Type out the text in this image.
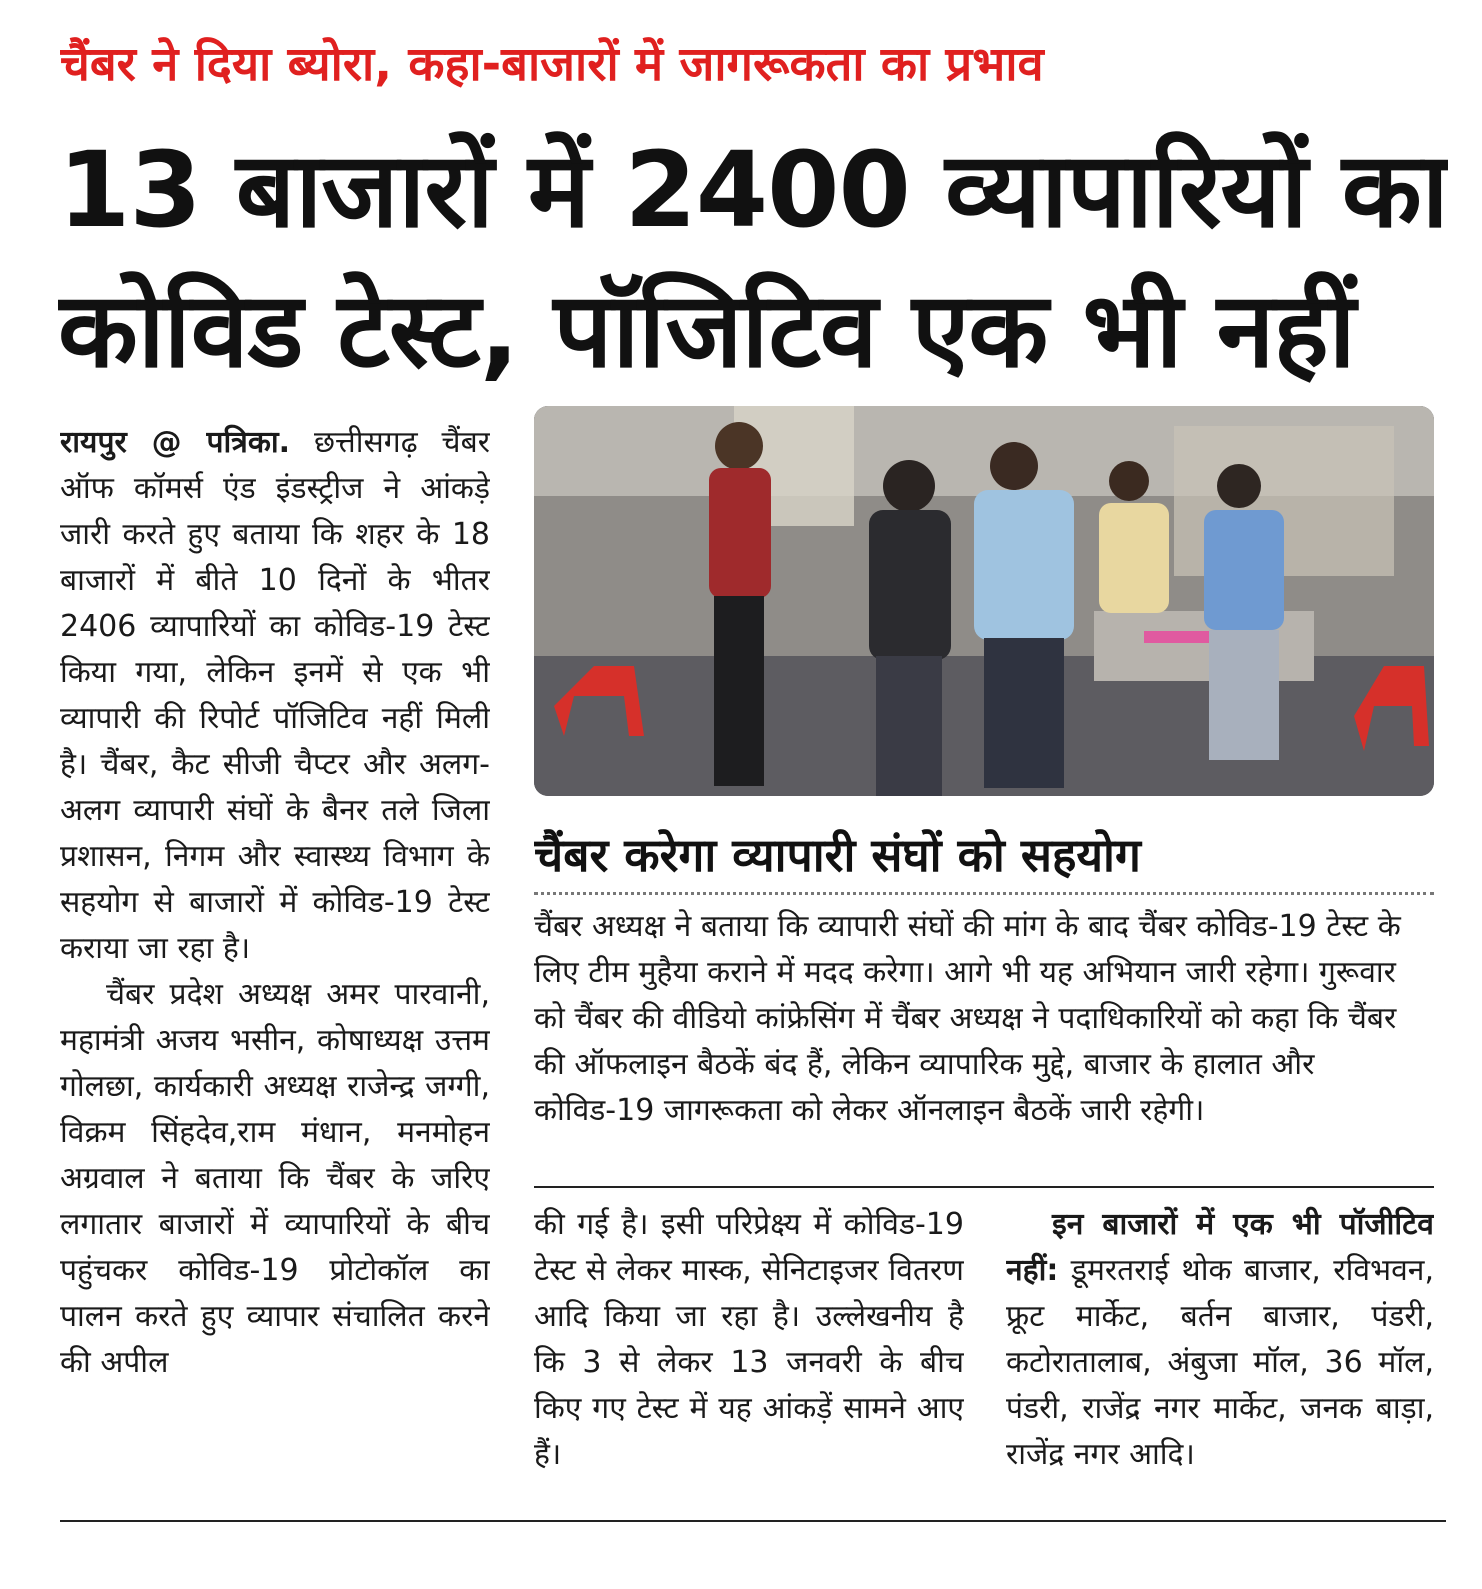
चैंबर ने दिया ब्योरा, कहा-बाजारों में जागरूकता का प्रभाव
13 बाजारों में 2400 व्यापारियों का
कोविड टेस्ट, पॉजिटिव एक भी नहीं

रायपुर @ पत्रिका. छत्तीसगढ़ चैंबर ऑफ कॉमर्स एंड इंडस्ट्रीज ने आंकड़े जारी करते हुए बताया कि शहर के 18 बाजारों में बीते 10 दिनों के भीतर 2406 व्यापारियों का कोविड-19 टेस्ट किया गया, लेकिन इनमें से एक भी व्यापारी की रिपोर्ट पॉजिटिव नहीं मिली है। चैंबर, कैट सीजी चैप्टर और अलग-अलग व्यापारी संघों के बैनर तले जिला प्रशासन, निगम और स्वास्थ्य विभाग के सहयोग से बाजारों में कोविड-19 टेस्ट कराया जा रहा है।

चैंबर प्रदेश अध्यक्ष अमर पारवानी, महामंत्री अजय भसीन, कोषाध्यक्ष उत्तम गोलछा, कार्यकारी अध्यक्ष राजेन्द्र जग्गी, विक्रम सिंहदेव,राम मंधान, मनमोहन अग्रवाल ने बताया कि चैंबर के जरिए लगातार बाजारों में व्यापारियों के बीच पहुंचकर कोविड-19 प्रोटोकॉल का पालन करते हुए व्यापार संचालित करने की अपील

चैंबर करेगा व्यापारी संघों को सहयोग
चैंबर अध्यक्ष ने बताया कि व्यापारी संघों की मांग के बाद चैंबर कोविड-19 टेस्ट के लिए टीम मुहैया कराने में मदद करेगा। आगे भी यह अभियान जारी रहेगा। गुरूवार को चैंबर की वीडियो कांफ्रेसिंग में चैंबर अध्यक्ष ने पदाधिकारियों को कहा कि चैंबर की ऑफलाइन बैठकें बंद हैं, लेकिन व्यापारिक मुद्दे, बाजार के हालात और कोविड-19 जागरूकता को लेकर ऑनलाइन बैठकें जारी रहेगी।

की गई है। इसी परिप्रेक्ष्य में कोविड-19 टेस्ट से लेकर मास्क, सेनिटाइजर वितरण आदि किया जा रहा है। उल्लेखनीय है कि 3 से लेकर 13 जनवरी के बीच किए गए टेस्ट में यह आंकड़ें सामने आए हैं।

इन बाजारों में एक भी पॉजीटिव नहीं: डूमरतराई थोक बाजार, रविभवन, फ्रूट मार्केट, बर्तन बाजार, पंडरी, कटोरातालाब, अंबुजा मॉल, 36 मॉल, पंडरी, राजेंद्र नगर मार्केट, जनक बाड़ा, राजेंद्र नगर आदि।
